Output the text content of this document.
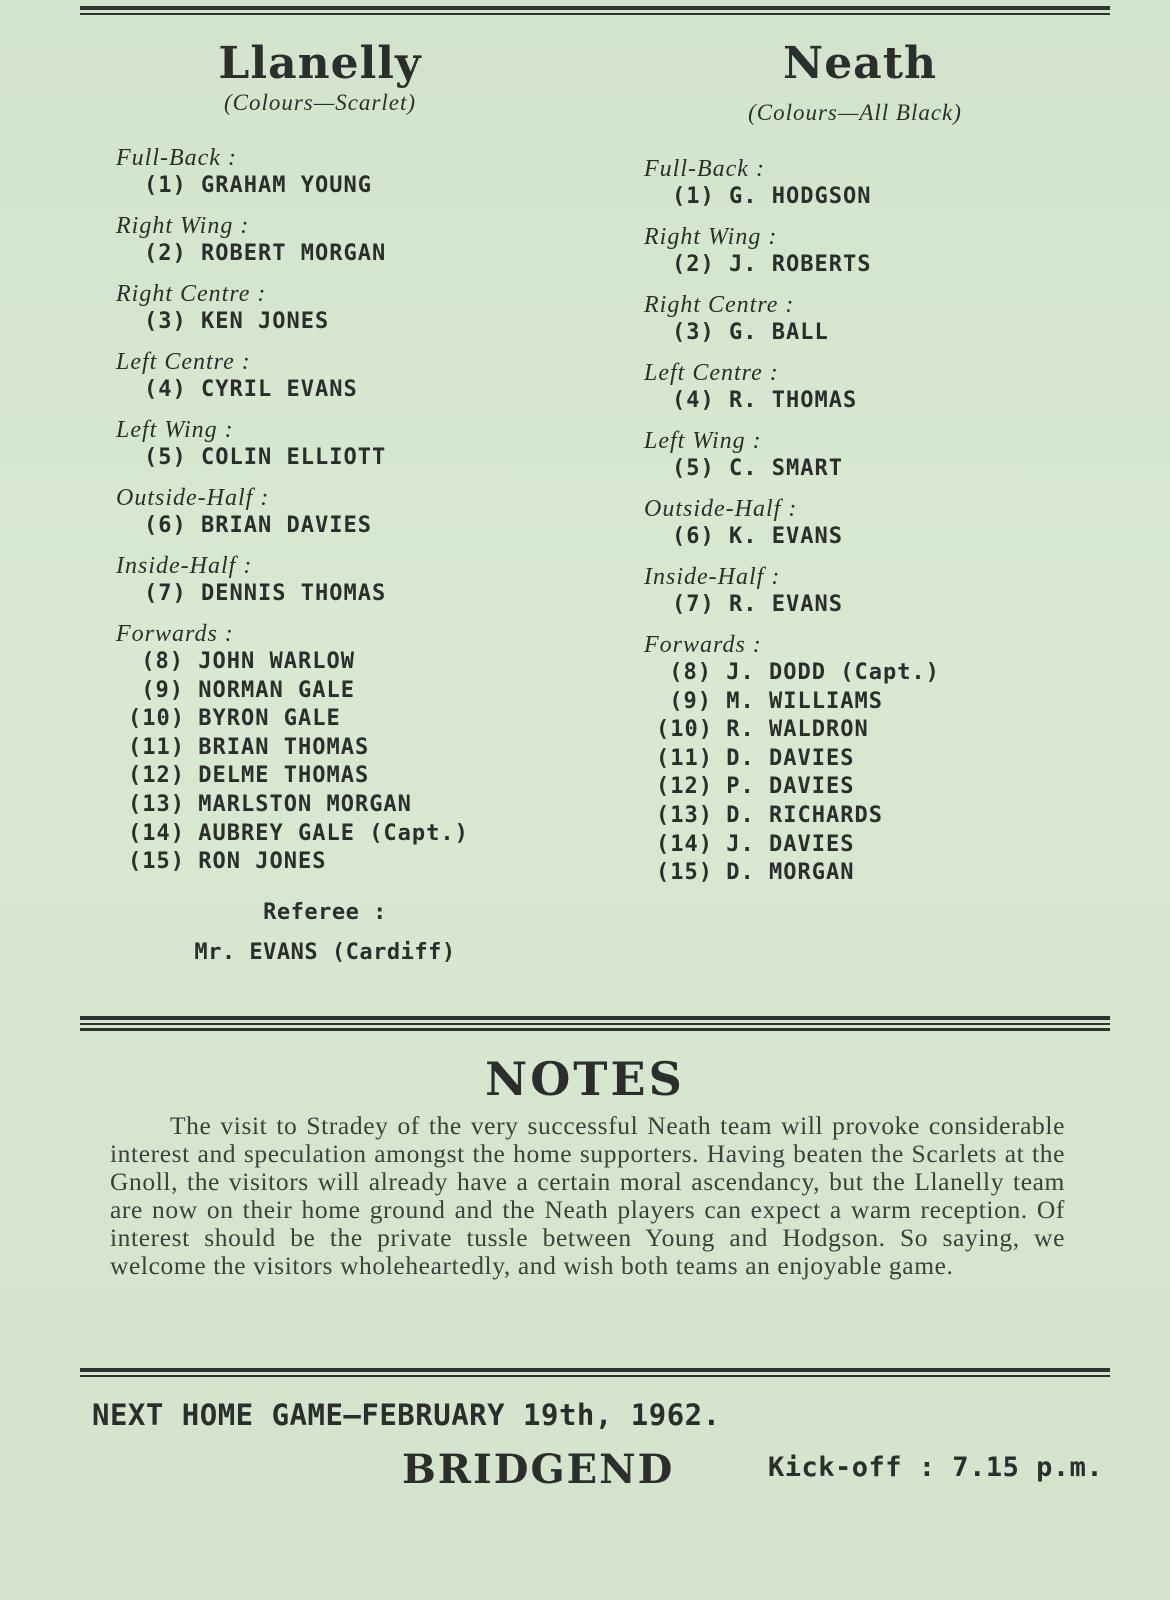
Llanelly
(Colours—Scarlet)
Neath
(Colours—All Black)
Full-Back :
(1) GRAHAM YOUNG
Right Wing :
(2) ROBERT MORGAN
Right Centre :
(3) KEN JONES
Left Centre :
(4) CYRIL EVANS
Left Wing :
(5) COLIN ELLIOTT
Outside-Half :
(6) BRIAN DAVIES
Inside-Half :
(7) DENNIS THOMAS
Forwards :
(8) JOHN WARLOW
(9) NORMAN GALE
(10) BYRON GALE
(11) BRIAN THOMAS
(12) DELME THOMAS
(13) MARLSTON MORGAN
(14) AUBREY GALE (Capt.)
(15) RON JONES
Full-Back :
(1) G. HODGSON
Right Wing :
(2) J. ROBERTS
Right Centre :
(3) G. BALL
Left Centre :
(4) R. THOMAS
Left Wing :
(5) C. SMART
Outside-Half :
(6) K. EVANS
Inside-Half :
(7) R. EVANS
Forwards :
(8) J. DODD (Capt.)
(9) M. WILLIAMS
(10) R. WALDRON
(11) D. DAVIES
(12) P. DAVIES
(13) D. RICHARDS
(14) J. DAVIES
(15) D. MORGAN
Referee :
Mr. EVANS (Cardiff)
NOTES

The visit to Stradey of the very successful Neath team will provoke considerable interest and speculation amongst the home supporters. Having beaten the Scarlets at the Gnoll, the visitors will already have a certain moral ascendancy, but the Llanelly team are now on their home ground and the Neath players can expect a warm reception. Of interest should be the private tussle between Young and Hodgson. So saying, we welcome the visitors wholeheartedly, and wish both teams an enjoyable game.

NEXT HOME GAME—FEBRUARY 19th, 1962.
BRIDGEND	Kick-off : 7.15 p.m.
